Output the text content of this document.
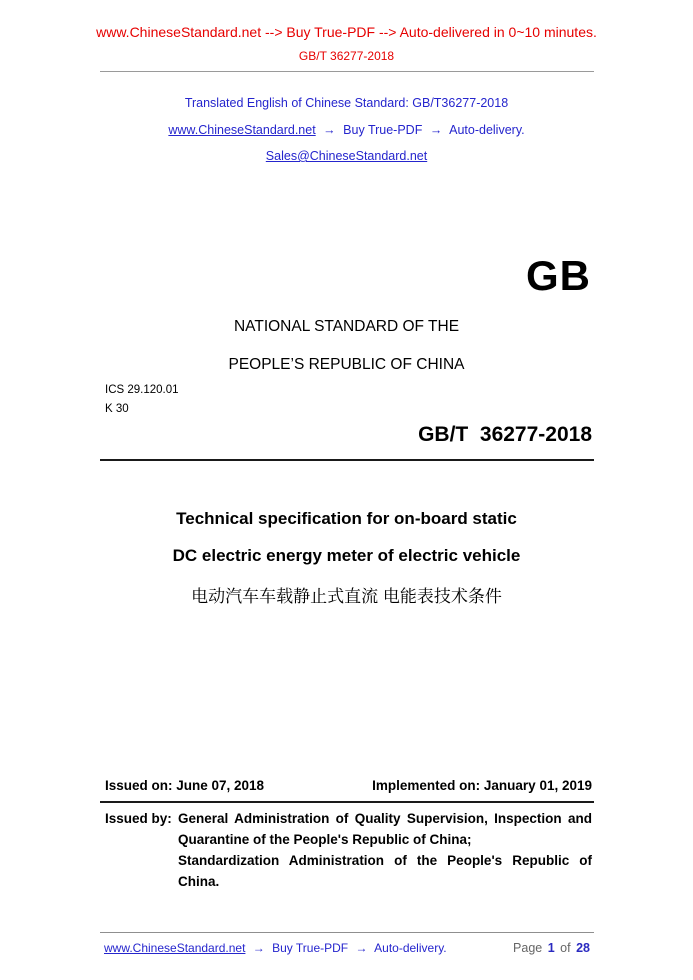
www.ChineseStandard.net --> Buy True-PDF --> Auto-delivered in 0~10 minutes.
GB/T 36277-2018
Translated English of Chinese Standard: GB/T36277-2018
www.ChineseStandard.net → Buy True-PDF → Auto-delivery.
Sales@ChineseStandard.net
GB
NATIONAL STANDARD OF THE
PEOPLE’S REPUBLIC OF CHINA
ICS 29.120.01
K 30
GB/T  36277-2018
Technical specification for on-board static
DC electric energy meter of electric vehicle
电动汽车车载静止式直流 电能表技术条件
Issued on: June 07, 2018	Implemented on: January 01, 2019
Issued by: General Administration of Quality Supervision, Inspection and Quarantine of the People's Republic of China;

Standardization Administration of the People's Republic of China.

www.ChineseStandard.net → Buy True-PDF → Auto-delivery.	Page 1 of 28
